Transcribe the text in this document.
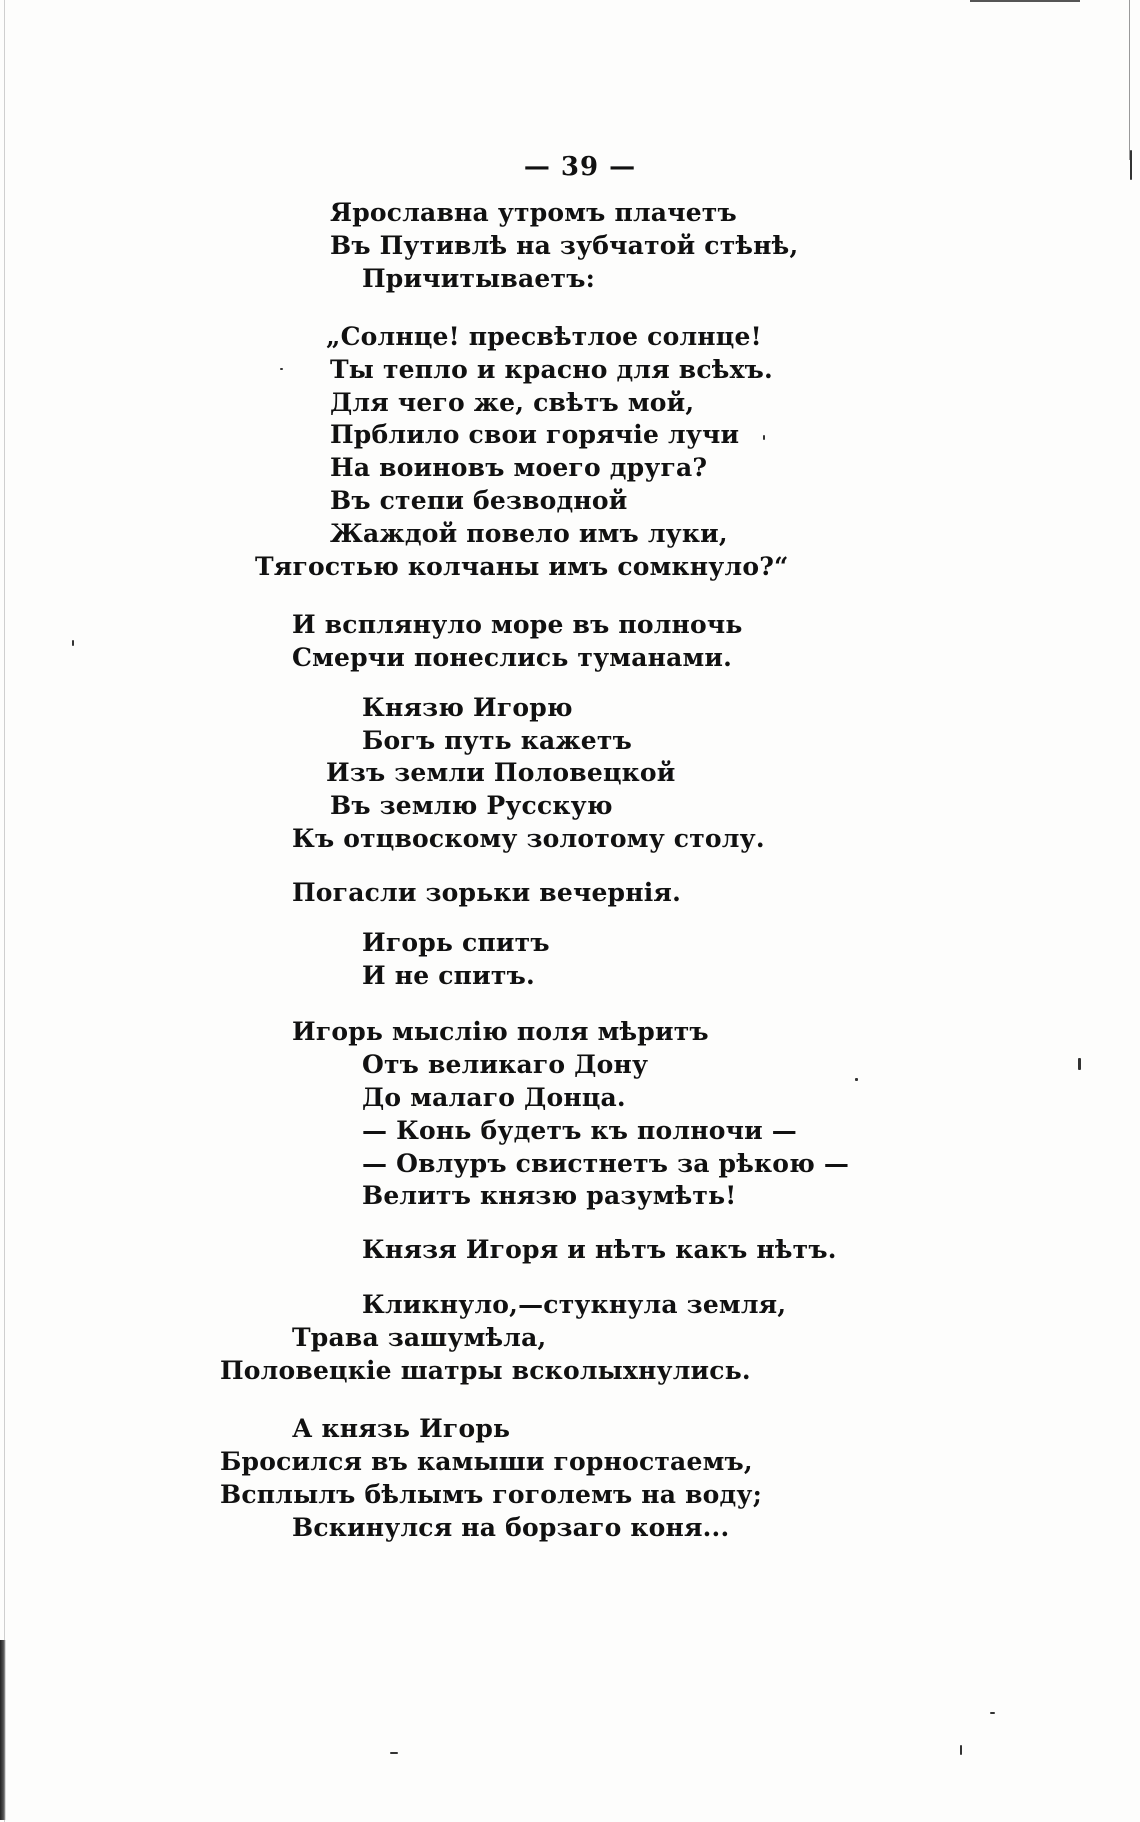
— 39 —
Ярославна утромъ плачетъ
Въ Путивлѣ на зубчатой стѣнѣ,
Причитываетъ:
„Солнце! пресвѣтлое солнце!
Ты тепло и красно для всѣхъ.
Для чего же, свѣтъ мой,
Прблило свои горячіе лучи
На воиновъ моего друга?
Въ степи безводной
Жаждой повело имъ луки,
Тягостью колчаны имъ сомкнуло?“
И всплянуло море въ полночь
Смерчи понеслись туманами.
Князю Игорю
Богъ путь кажетъ
Изъ земли Половецкой
Въ землю Русскую
Къ отцвоскому золотому столу.
Погасли зорьки вечернія.
Игорь спитъ
И не спитъ.
Игорь мыслію поля мѣритъ
Отъ великаго Дону
До малаго Донца.
— Конь будетъ къ полночи —
— Овлуръ свистнетъ за рѣкою —
Велитъ князю разумѣть!
Князя Игоря и нѣтъ какъ нѣтъ.
Кликнуло,—стукнула земля,
Трава зашумѣла,
Половецкіе шатры всколыхнулись.
А князь Игорь
Бросился въ камыши горностаемъ,
Всплылъ бѣлымъ гоголемъ на воду;
Вскинулся на борзаго коня...
